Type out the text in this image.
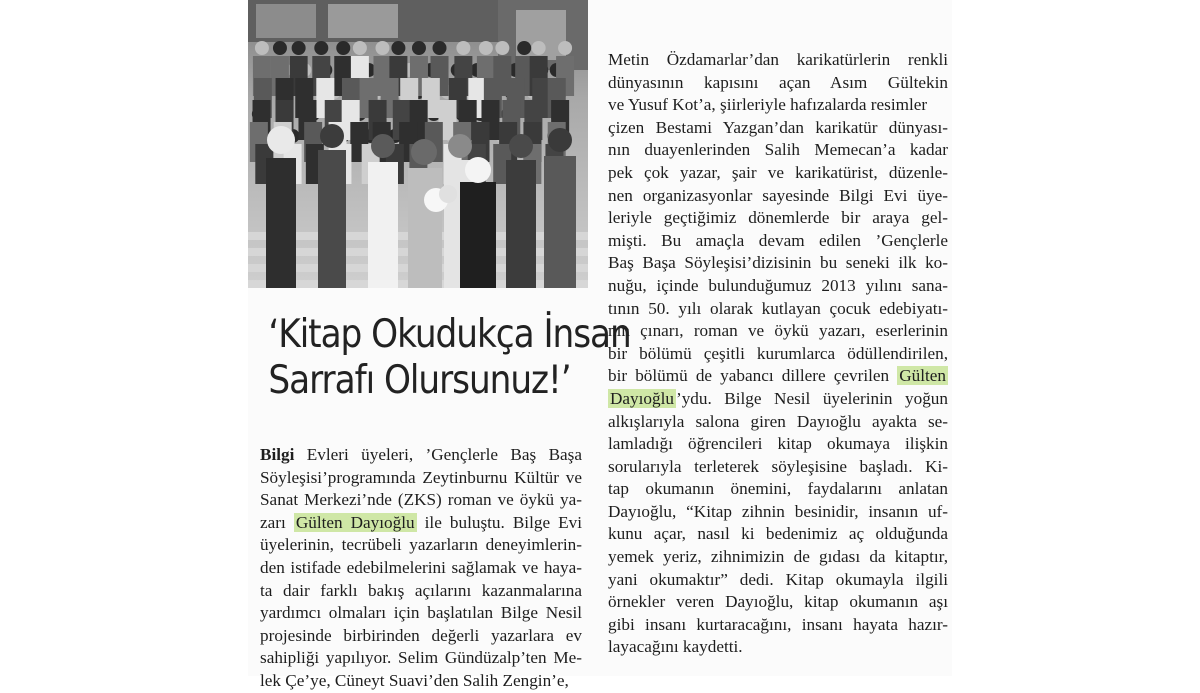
‘Kitap Okudukça İnsan
Sarrafı Olursunuz!’
Bilgi Evleri üyeleri, ’Gençlerle Baş Başa
Söyleşisi’programında Zeytinburnu Kültür ve
Sanat Merkezi’nde (ZKS) roman ve öykü ya-
zarı Gülten Dayıoğlu ile buluştu. Bilge Evi
üyelerinin, tecrübeli yazarların deneyimlerin-
den istifade edebilmelerini sağlamak ve haya-
ta dair farklı bakış açılarını kazanmalarına
yardımcı olmaları için başlatılan Bilge Nesil
projesinde birbirinden değerli yazarlara ev
sahipliği yapılıyor. Selim Gündüzalp’ten Me-
lek Çe’ye, Cüneyt Suavi’den Salih Zengin’e,
Metin Özdamarlar’dan karikatürlerin renkli
dünyasının kapısını açan Asım Gültekin
ve Yusuf Kot’a, şiirleriyle hafızalarda resimler
çizen Bestami Yazgan’dan karikatür dünyası-
nın duayenlerinden Salih Memecan’a kadar
pek çok yazar, şair ve karikatürist, düzenle-
nen organizasyonlar sayesinde Bilgi Evi üye-
leriyle geçtiğimiz dönemlerde bir araya gel-
mişti. Bu amaçla devam edilen ’Gençlerle
Baş Başa Söyleşisi’dizisinin bu seneki ilk ko-
nuğu, içinde bulunduğumuz 2013 yılını sana-
tının 50. yılı olarak kutlayan çocuk edebiyatı-
nın çınarı, roman ve öykü yazarı, eserlerinin
bir bölümü çeşitli kurumlarca ödüllendirilen,
bir bölümü de yabancı dillere çevrilen Gülten
Dayıoğlu ’ydu. Bilge Nesil üyelerinin yoğun
alkışlarıyla salona giren Dayıoğlu ayakta se-
lamladığı öğrencileri kitap okumaya ilişkin
sorularıyla terleterek söyleşisine başladı. Ki-
tap okumanın önemini, faydalarını anlatan
Dayıoğlu, “Kitap zihnin besinidir, insanın uf-
kunu açar, nasıl ki bedenimiz aç olduğunda
yemek yeriz, zihnimizin de gıdası da kitaptır,
yani okumaktır” dedi. Kitap okumayla ilgili
örnekler veren Dayıoğlu, kitap okumanın aşı
gibi insanı kurtaracağını, insanı hayata hazır-
layacağını kaydetti.
